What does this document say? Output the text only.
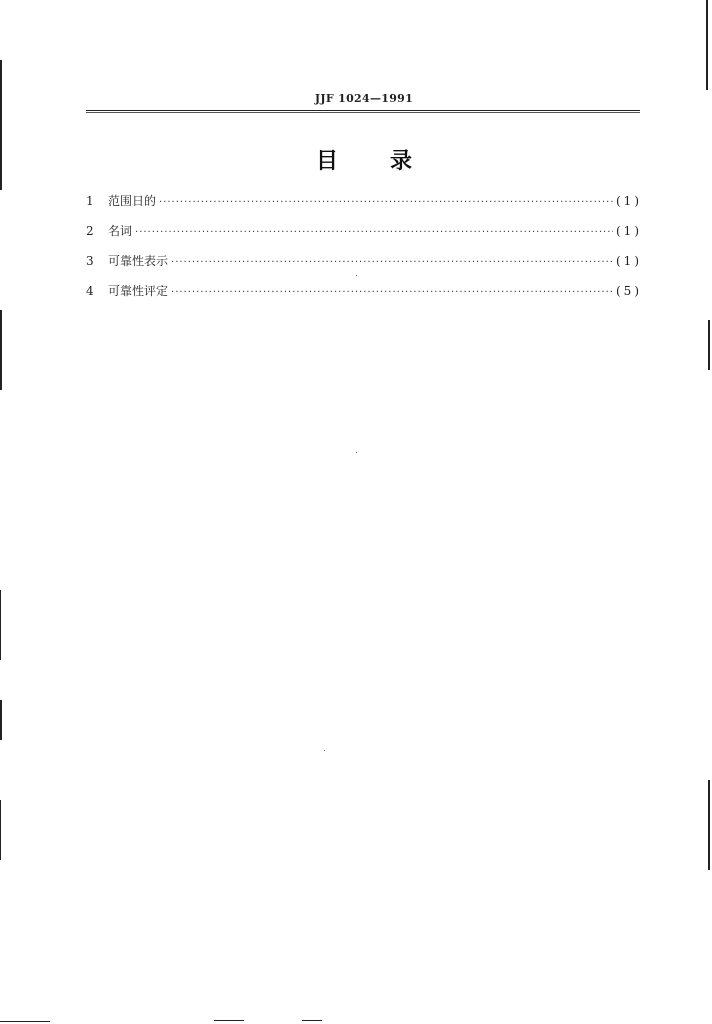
JJF 1024—1991
目录
1	范围日的 ·····	(1)
2	名词 ·····	(1)
3	可靠性表示 ·····	(1)
4	可靠性评定 ·····	(5)
